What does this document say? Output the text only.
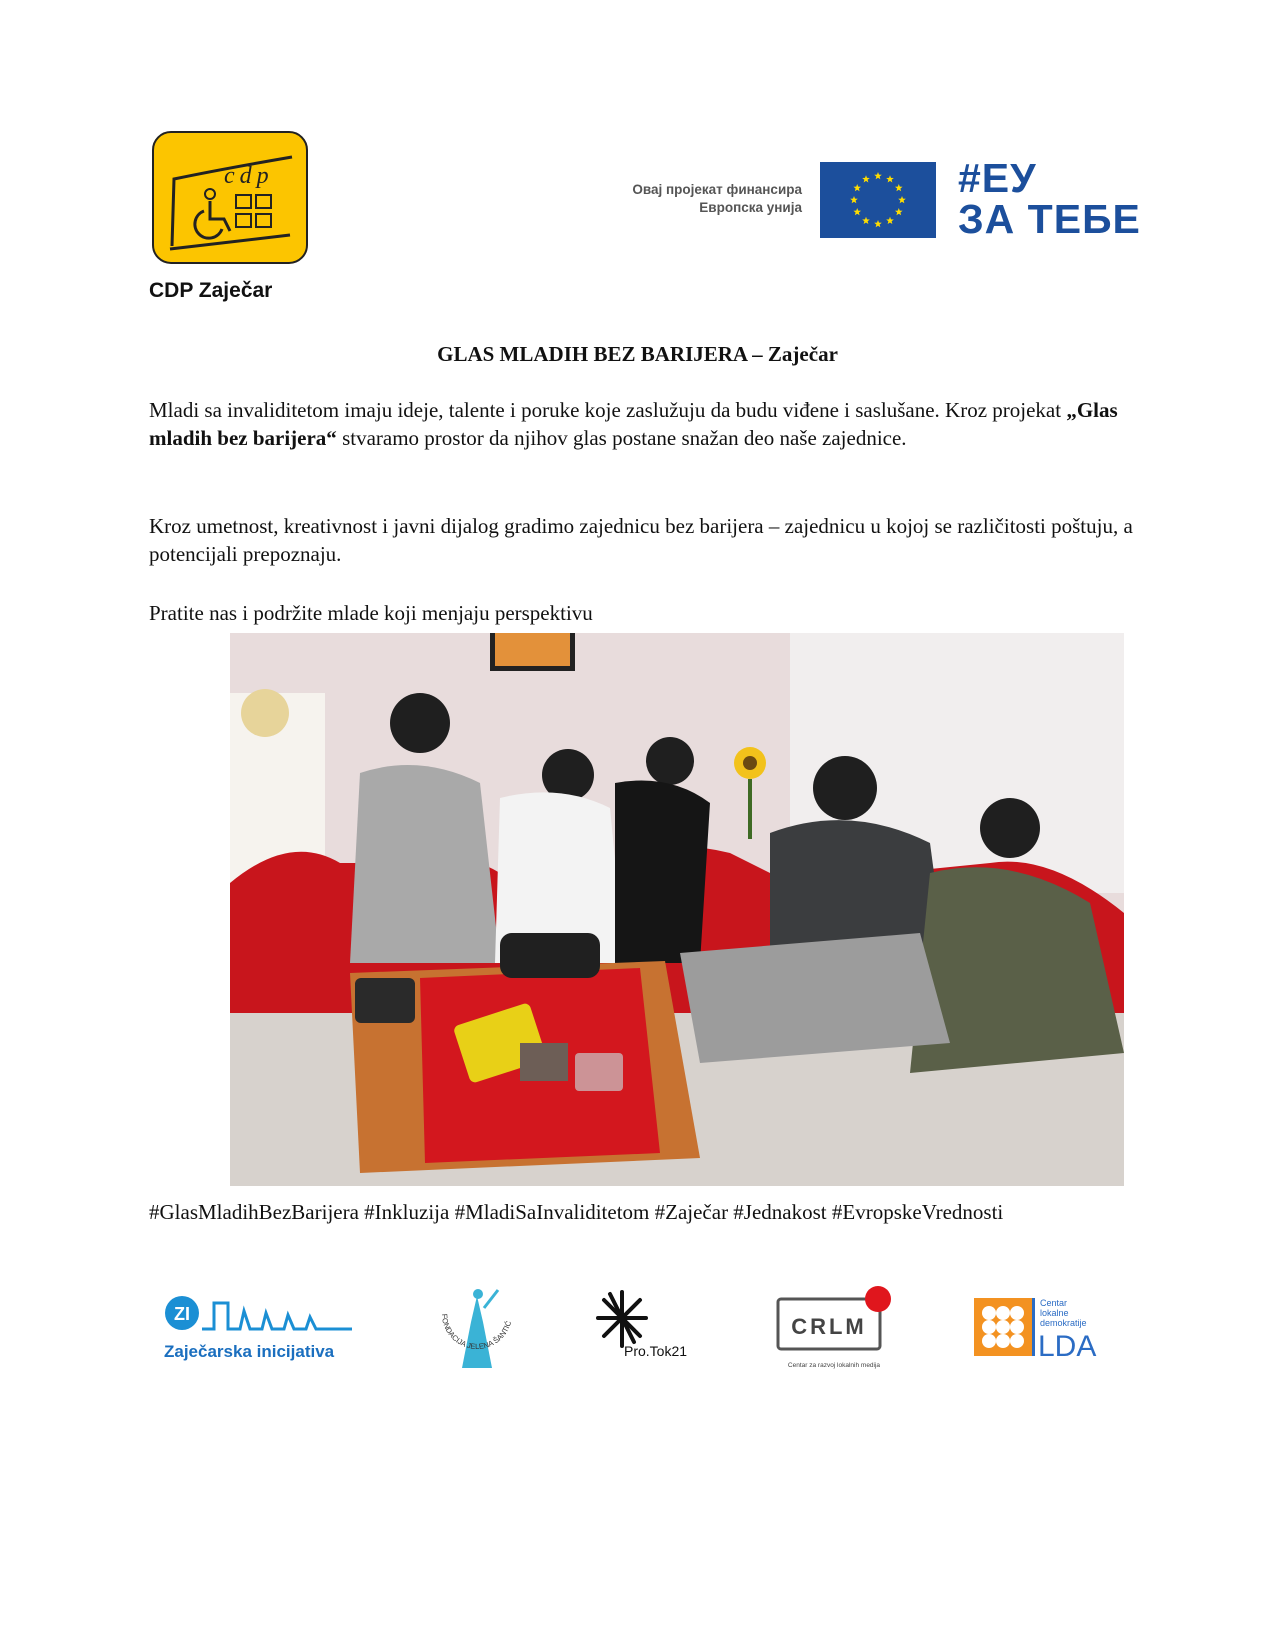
cdp
CDP Zaječar
Овај пројекат финансира
Европска унија
#ЕУ
ЗА ТЕБЕ
GLAS MLADIH BEZ BARIJERA – Zaječar
Mladi sa invaliditetom imaju ideje, talente i poruke koje zaslužuju da budu viđene i saslušane. Kroz projekat „Glas mladih bez barijera“ stvaramo prostor da njihov glas postane snažan deo naše zajednice.
Kroz umetnost, kreativnost i javni dijalog gradimo zajednicu bez barijera – zajednicu u kojoj se različitosti poštuju, a potencijali prepoznaju.
Pratite nas i podržite mlade koji menjaju perspektivu
#GlasMladihBezBarijera #Inkluzija #MladiSaInvaliditetom #Zaječar #Jednakost #EvropskeVrednosti
ZI
Zaječarska inicijativa
FONDACIJA JELENA ŠANTIĆ
Pro.Tok21
CRLM
Centar za razvoj lokalnih medija
Centar
lokalne
demokratije
LDA
